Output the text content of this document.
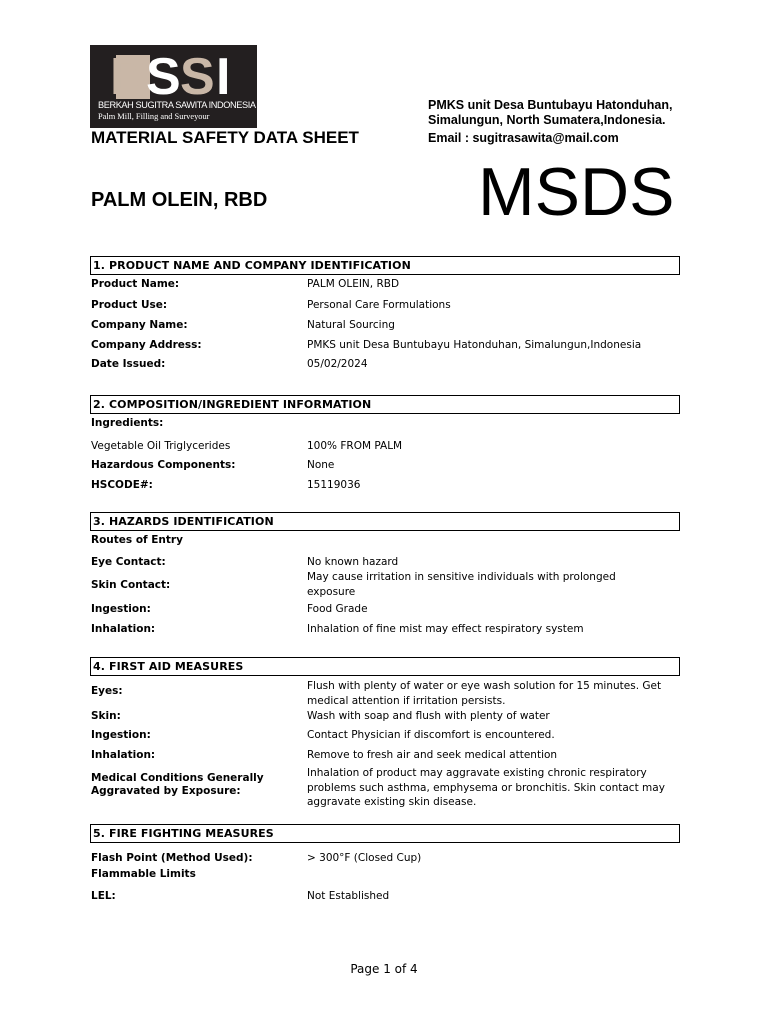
B S S I
BERKAH SUGITRA SAWITA INDONESIA
Palm Mill, Filling and Surveyour
MATERIAL SAFETY DATA SHEET
PMKS unit Desa Buntubayu Hatonduhan,
Simalungun, North Sumatera,Indonesia.
Email : sugitrasawita@mail.com
MSDS
PALM OLEIN, RBD
1. PRODUCT NAME AND COMPANY IDENTIFICATION
Product Name:	PALM OLEIN, RBD
Product Use:	Personal Care Formulations
Company Name:	Natural Sourcing
Company Address:	PMKS unit Desa Buntubayu Hatonduhan, Simalungun,Indonesia
Date Issued:	05/02/2024
2. COMPOSITION/INGREDIENT INFORMATION
Ingredients:
Vegetable Oil Triglycerides	100% FROM PALM
Hazardous Components:	None
HSCODE#:	15119036
3. HAZARDS IDENTIFICATION
Routes of Entry
Eye Contact:	No known hazard
Skin Contact:
May cause irritation in sensitive individuals with prolonged exposure
Ingestion:	Food Grade
Inhalation:	Inhalation of fine mist may effect respiratory system
4. FIRST AID MEASURES
Eyes:	Flush with plenty of water or eye wash solution for 15 minutes. Get medical attention if irritation persists.
Skin:	Wash with soap and flush with plenty of water
Ingestion:	Contact Physician if discomfort is encountered.
Inhalation:	Remove to fresh air and seek medical attention
Medical Conditions Generally
Aggravated by Exposure:
Inhalation of product may aggravate existing chronic respiratory problems such asthma, emphysema or bronchitis. Skin contact may aggravate existing skin disease.
5. FIRE FIGHTING MEASURES
Flash Point (Method Used):	> 300°F (Closed Cup)
Flammable Limits
LEL:	Not Established
Page 1 of 4
